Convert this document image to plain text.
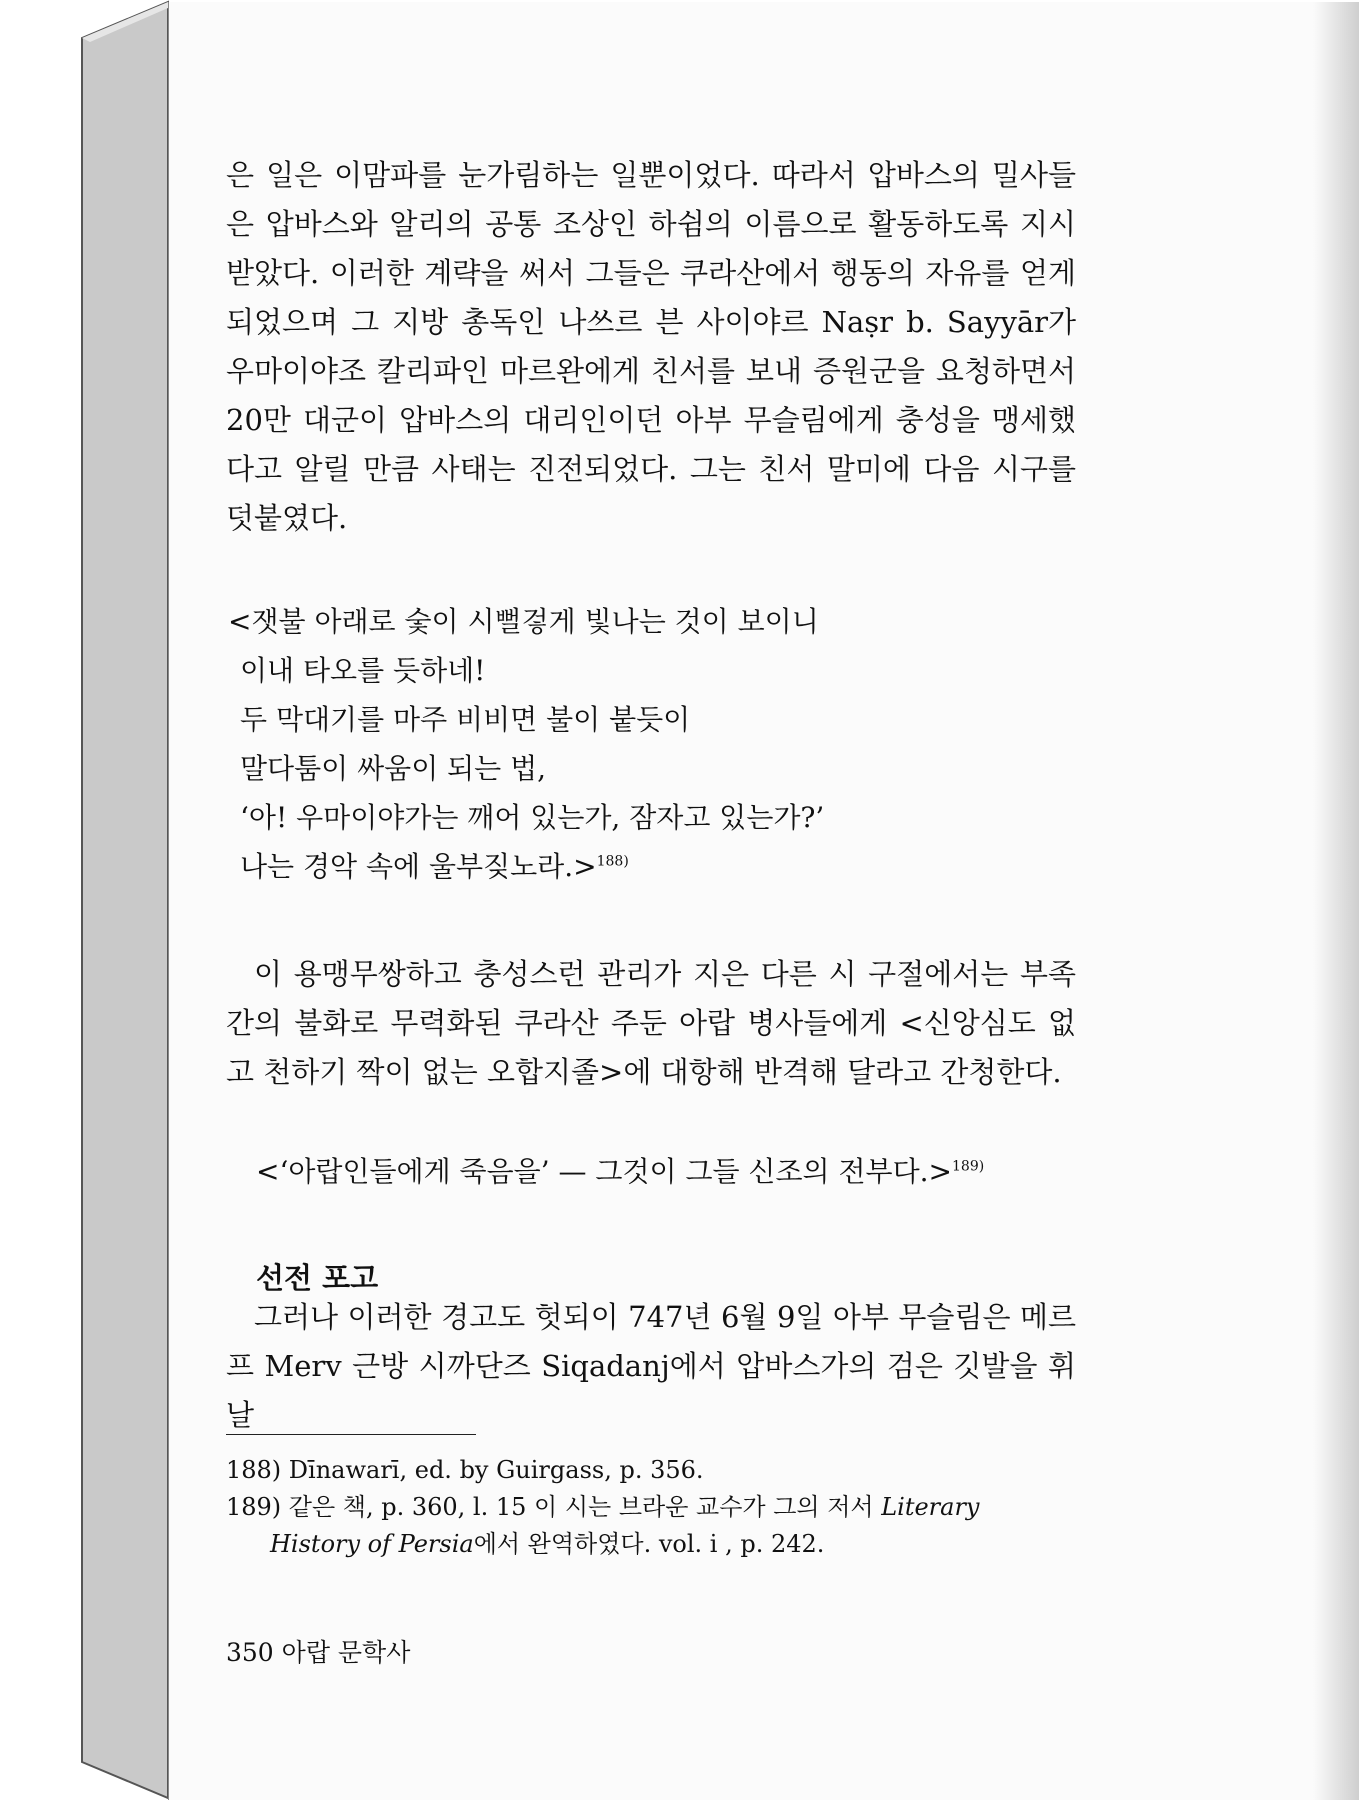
은 일은 이맘파를 눈가림하는 일뿐이었다. 따라서 압바스의 밀사들은 압바스와 알리의 공통 조상인 하쉼의 이름으로 활동하도록 지시받았다. 이러한 계략을 써서 그들은 쿠라산에서 행동의 자유를 얻게 되었으며 그 지방 총독인 나쓰르 븐 사이야르 Naṣr b. Sayyār가 우마이야조 칼리파인 마르완에게 친서를 보내 증원군을 요청하면서 20만 대군이 압바스의 대리인이던 아부 무슬림에게 충성을 맹세했다고 알릴 만큼 사태는 진전되었다. 그는 친서 말미에 다음 시구를 덧붙였다.

<잿불 아래로 숯이 시뻘겋게 빛나는 것이 보이니
이내 타오를 듯하네!
두 막대기를 마주 비비면 불이 붙듯이
말다툼이 싸움이 되는 법,
‘아! 우마이야가는 깨어 있는가, 잠자고 있는가?’
나는 경악 속에 울부짖노라.>$^{188)}$

이 용맹무쌍하고 충성스런 관리가 지은 다른 시 구절에서는 부족 간의 불화로 무력화된 쿠라산 주둔 아랍 병사들에게 <신앙심도 없고 천하기 짝이 없는 오합지졸>에 대항해 반격해 달라고 간청한다.

<‘아랍인들에게 죽음을’ — 그것이 그들 신조의 전부다.>$^{189)}$
선전 포고

그러나 이러한 경고도 헛되이 747년 6월 9일 아부 무슬림은 메르프 Merv 근방 시까단즈 Siqadanj에서 압바스가의 검은 깃발을 휘날

188) Dīnawarī, ed. by Guirgass, p. 356.

189) 같은 책, p. 360, l. 15 이 시는 브라운 교수가 그의 저서 Literary
History of Persia에서 완역하였다. vol. i , p. 242.

350 아랍 문학사
